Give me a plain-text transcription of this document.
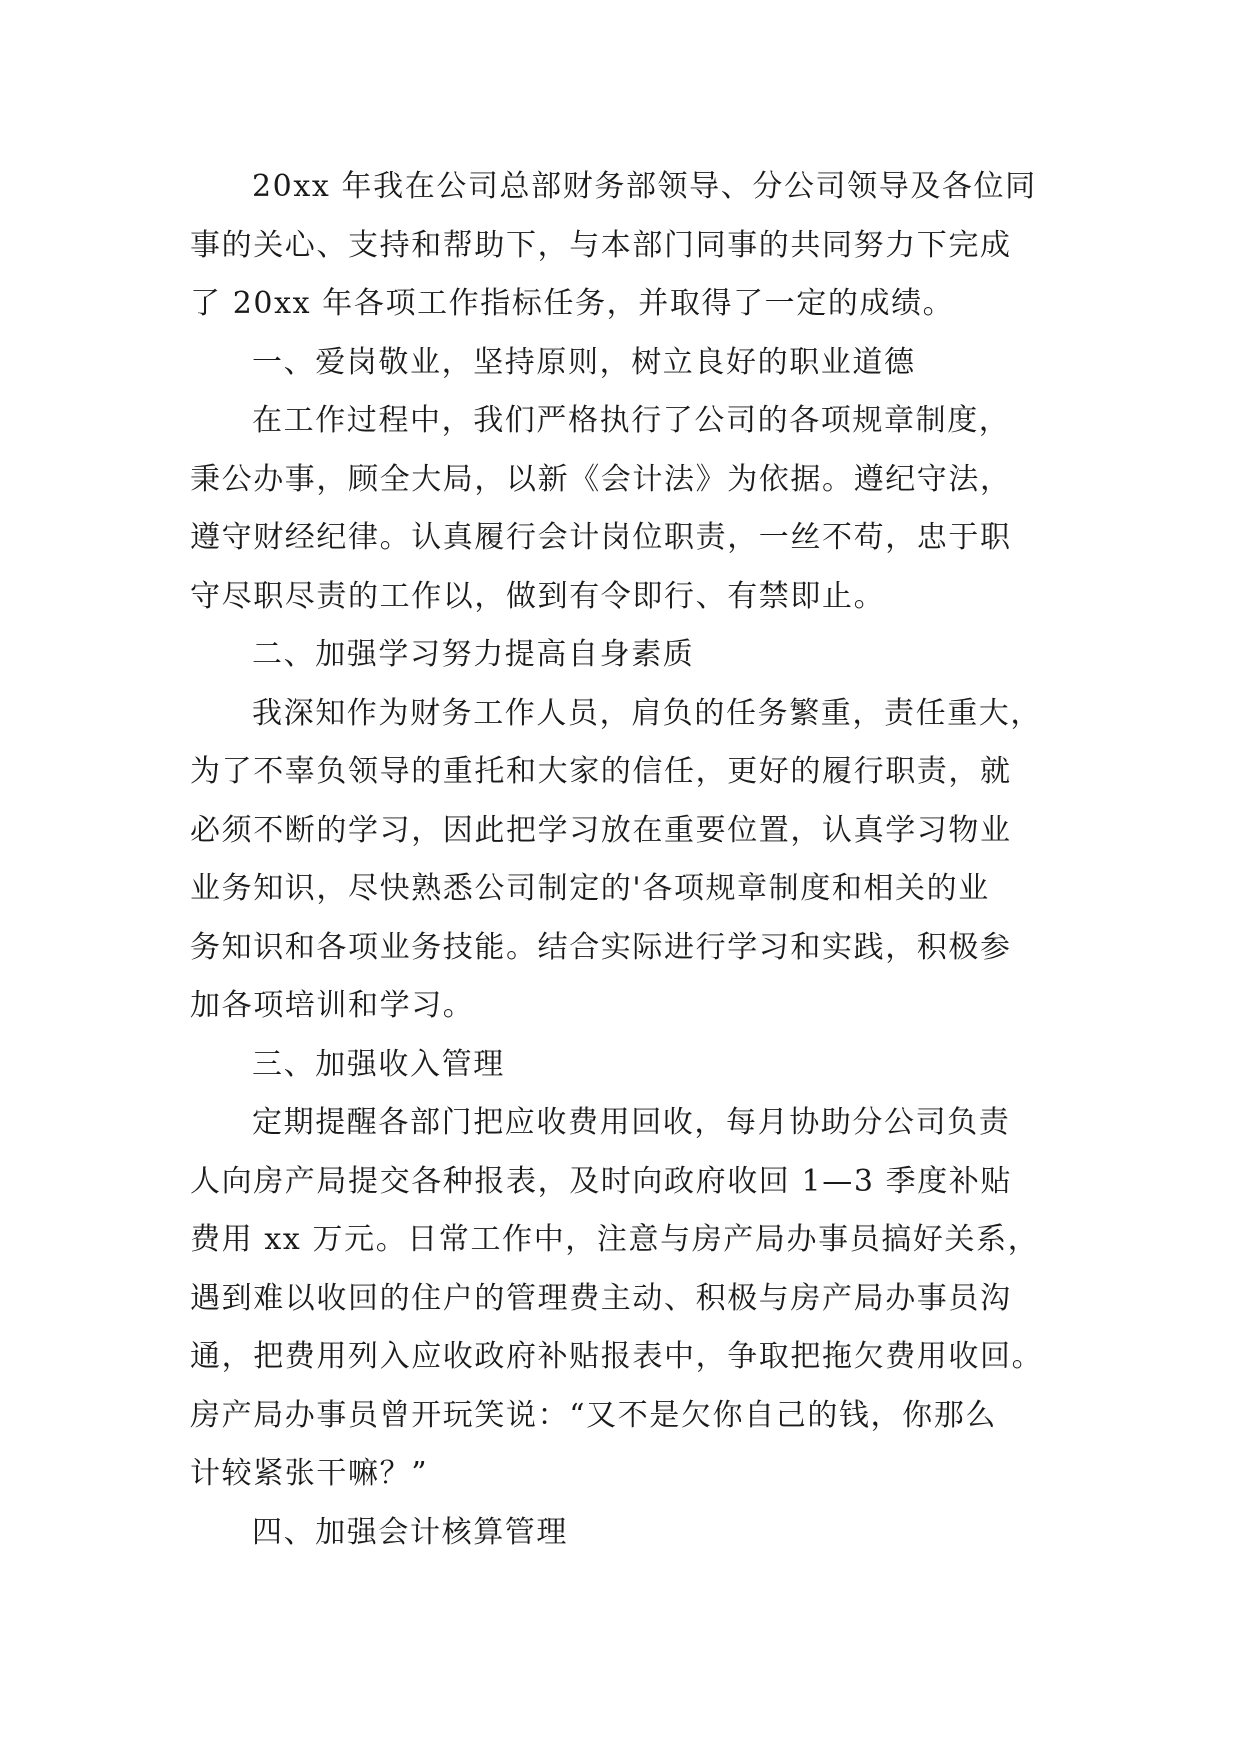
20xx 年我在公司总部财务部领导、分公司领导及各位同
事的关心、支持和帮助下，与本部门同事的共同努力下完成
了 20xx 年各项工作指标任务，并取得了一定的成绩。
一、爱岗敬业，坚持原则，树立良好的职业道德
在工作过程中，我们严格执行了公司的各项规章制度，
秉公办事，顾全大局，以新《会计法》为依据。遵纪守法，
遵守财经纪律。认真履行会计岗位职责，一丝不苟，忠于职
守尽职尽责的工作以，做到有令即行、有禁即止。
二、加强学习努力提高自身素质
我深知作为财务工作人员，肩负的任务繁重，责任重大，
为了不辜负领导的重托和大家的信任，更好的履行职责，就
必须不断的学习，因此把学习放在重要位置，认真学习物业
业务知识，尽快熟悉公司制定的'各项规章制度和相关的业
务知识和各项业务技能。结合实际进行学习和实践，积极参
加各项培训和学习。
三、加强收入管理
定期提醒各部门把应收费用回收，每月协助分公司负责
人向房产局提交各种报表，及时向政府收回 1—3 季度补贴
费用 xx 万元。日常工作中，注意与房产局办事员搞好关系，
遇到难以收回的住户的管理费主动、积极与房产局办事员沟
通，把费用列入应收政府补贴报表中，争取把拖欠费用收回。
房产局办事员曾开玩笑说：“又不是欠你自己的钱，你那么
计较紧张干嘛？”
四、加强会计核算管理
